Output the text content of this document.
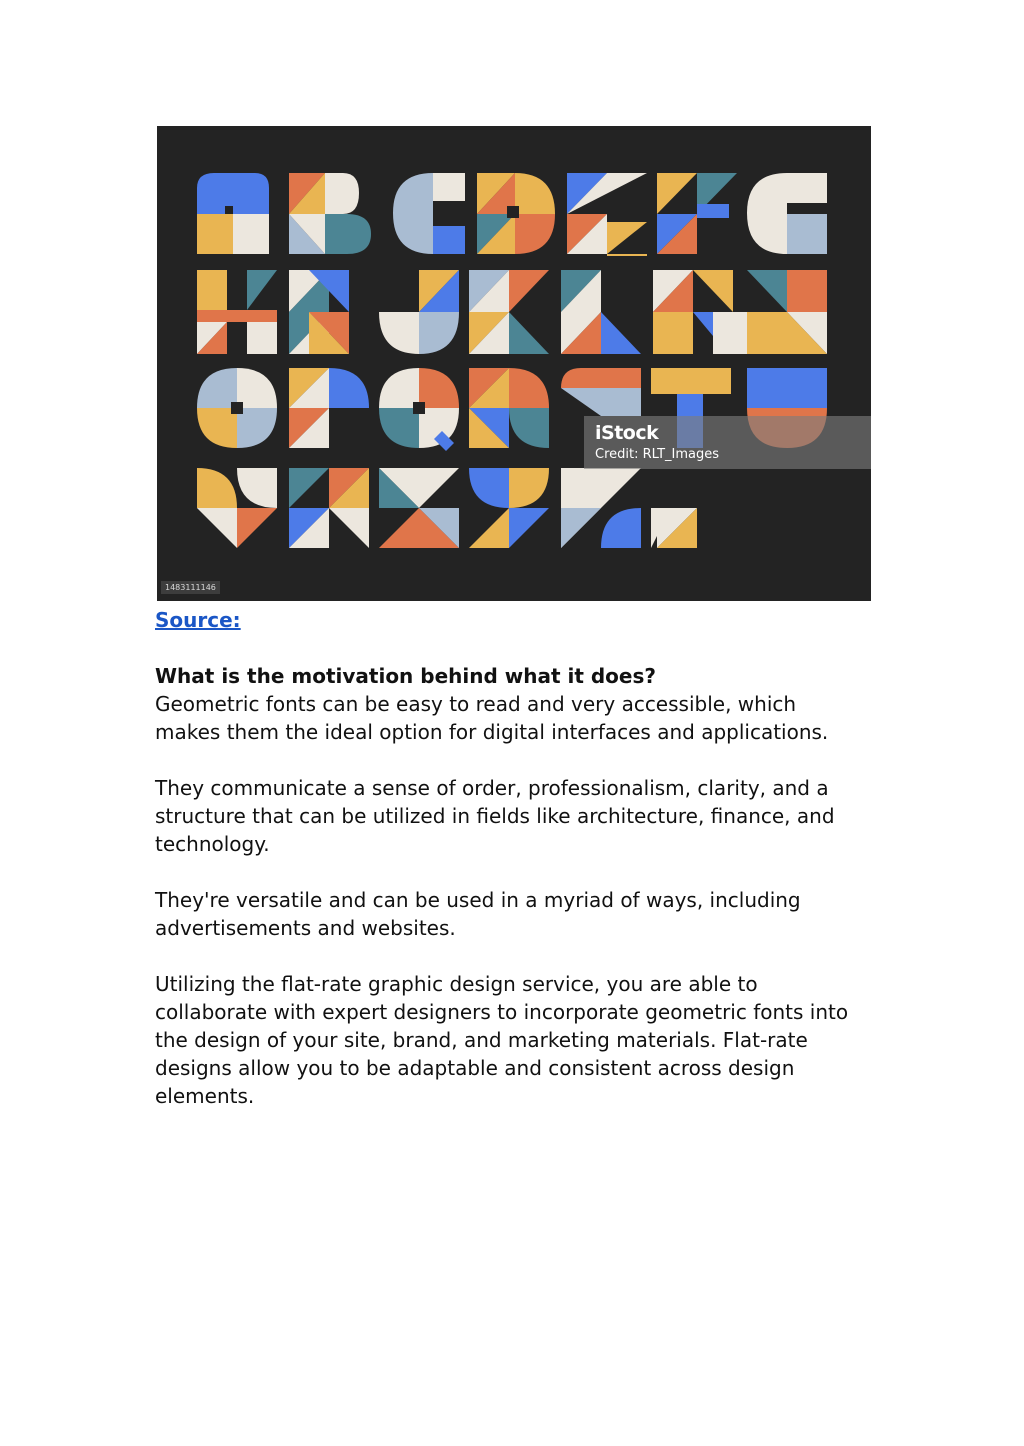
iStock
Credit: RLT_Images
1483111146
Source:

What is the motivation behind what it does?

Geometric fonts can be easy to read and very accessible, which makes them the ideal option for digital interfaces and applications.

They communicate a sense of order, professionalism, clarity, and a structure that can be utilized in fields like architecture, finance, and technology.

They're versatile and can be used in a myriad of ways, including advertisements and websites.

Utilizing the flat-rate graphic design service, you are able to collaborate with expert designers to incorporate geometric fonts into the design of your site, brand, and marketing materials. Flat-rate designs allow you to be adaptable and consistent across design elements.
